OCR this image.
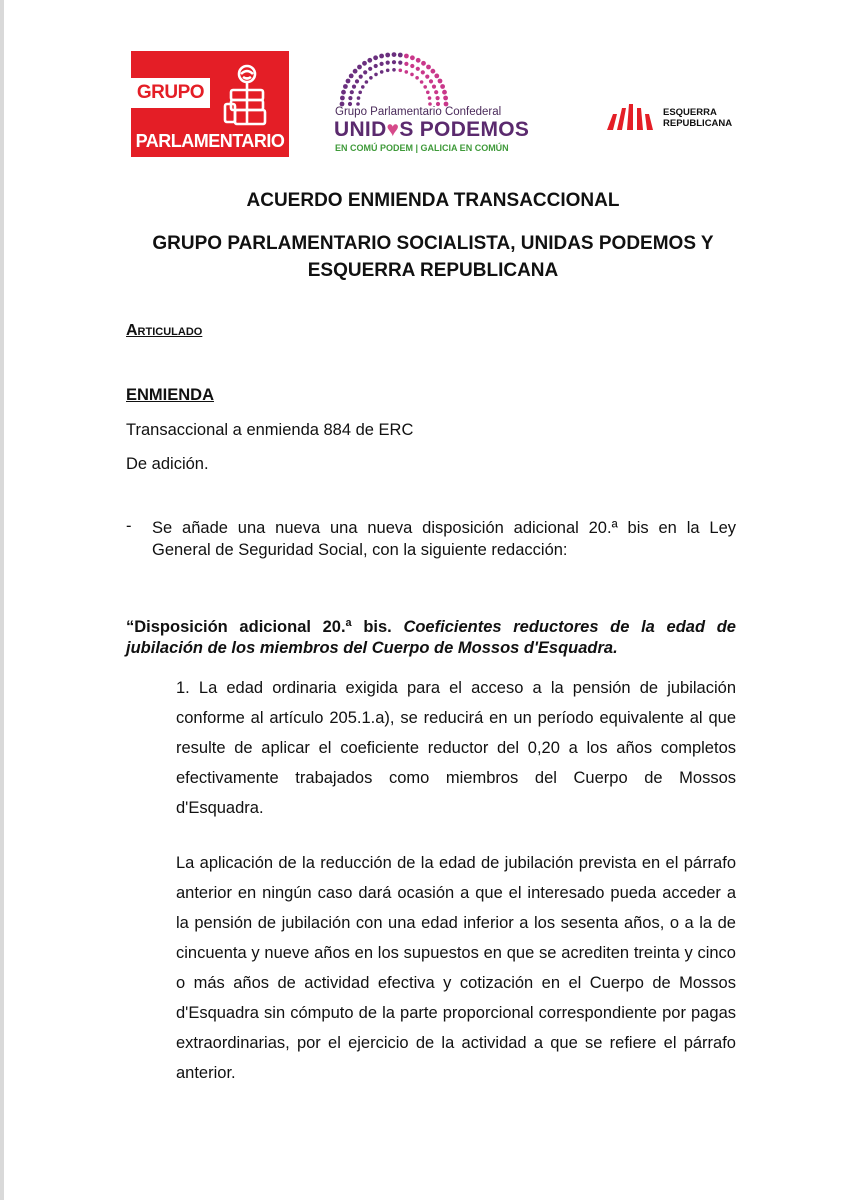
GRUPO
PARLAMENTARIO
Grupo Parlamentario Confederal
UNID♥S PODEMOS
EN COMÚ PODEM | GALICIA EN COMÚN
ESQUERRA
REPUBLICANA
ACUERDO ENMIENDA TRANSACCIONAL
GRUPO PARLAMENTARIO SOCIALISTA, UNIDAS PODEMOS Y
ESQUERRA REPUBLICANA
Articulado
ENMIENDA
Transaccional a enmienda 884 de ERC
De adición.
- Se añade una nueva una nueva disposición adicional 20.ª bis en la Ley General de Seguridad Social, con la siguiente redacción:
“Disposición adicional 20.ª bis. Coeficientes reductores de la edad de jubilación de los miembros del Cuerpo de Mossos d'Esquadra.
1. La edad ordinaria exigida para el acceso a la pensión de jubilación conforme al artículo 205.1.a), se reducirá en un período equivalente al que resulte de aplicar el coeficiente reductor del 0,20 a los años completos efectivamente trabajados como miembros del Cuerpo de Mossos d'Esquadra.
La aplicación de la reducción de la edad de jubilación prevista en el párrafo anterior en ningún caso dará ocasión a que el interesado pueda acceder a la pensión de jubilación con una edad inferior a los sesenta años, o a la de cincuenta y nueve años en los supuestos en que se acrediten treinta y cinco o más años de actividad efectiva y cotización en el Cuerpo de Mossos d'Esquadra sin cómputo de la parte proporcional correspondiente por pagas extraordinarias, por el ejercicio de la actividad a que se refiere el párrafo anterior.
